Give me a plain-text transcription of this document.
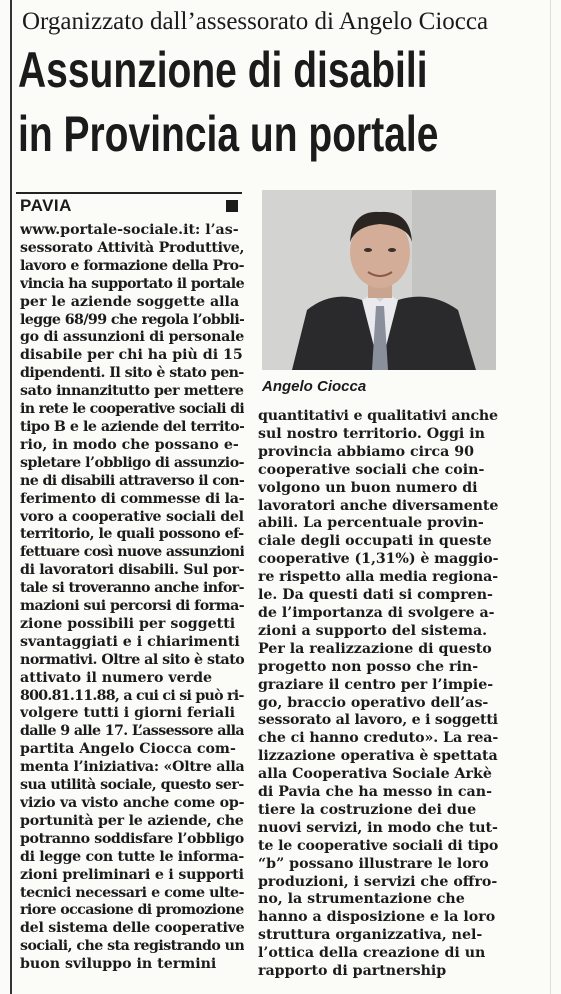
Organizzato dall’assessorato di Angelo Ciocca
Assunzione di disabili
in Provincia un portale
PAVIA
www.portale-sociale.it: l’as-
sessorato Attività Produttive,
lavoro e formazione della Pro-
vincia ha supportato il portale
per le aziende soggette alla
legge 68/99 che regola l’obbli-
go di assunzioni di personale
disabile per chi ha più di 15
dipendenti. Il sito è stato pen-
sato innanzitutto per mettere
in rete le cooperative sociali di
tipo B e le aziende del territo-
rio, in modo che possano e-
spletare l’obbligo di assunzio-
ne di disabili attraverso il con-
ferimento di commesse di la-
voro a cooperative sociali del
territorio, le quali possono ef-
fettuare così nuove assunzioni
di lavoratori disabili. Sul por-
tale si troveranno anche infor-
mazioni sui percorsi di forma-
zione possibili per soggetti
svantaggiati e i chiarimenti
normativi. Oltre al sito è stato
attivato il numero verde
800.81.11.88, a cui ci si può ri-
volgere tutti i giorni feriali
dalle 9 alle 17. L’assessore alla
partita Angelo Ciocca com-
menta l’iniziativa: «Oltre alla
sua utilità sociale, questo ser-
vizio va visto anche come op-
portunità per le aziende, che
potranno soddisfare l’obbligo
di legge con tutte le informa-
zioni preliminari e i supporti
tecnici necessari e come ulte-
riore occasione di promozione
del sistema delle cooperative
sociali, che sta registrando un
buon sviluppo in termini
Angelo Ciocca
quantitativi e qualitativi anche
sul nostro territorio. Oggi in
provincia abbiamo circa 90
cooperative sociali che coin-
volgono un buon numero di
lavoratori anche diversamente
abili. La percentuale provin-
ciale degli occupati in queste
cooperative (1,31%) è maggio-
re rispetto alla media regiona-
le. Da questi dati si compren-
de l’importanza di svolgere a-
zioni a supporto del sistema.
Per la realizzazione di questo
progetto non posso che rin-
graziare il centro per l’impie-
go, braccio operativo dell’as-
sessorato al lavoro, e i soggetti
che ci hanno creduto». La rea-
lizzazione operativa è spettata
alla Cooperativa Sociale Arkè
di Pavia che ha messo in can-
tiere la costruzione dei due
nuovi servizi, in modo che tut-
te le cooperative sociali di tipo
“b” possano illustrare le loro
produzioni, i servizi che offro-
no, la strumentazione che
hanno a disposizione e la loro
struttura organizzativa, nel-
l’ottica della creazione di un
rapporto di partnership
